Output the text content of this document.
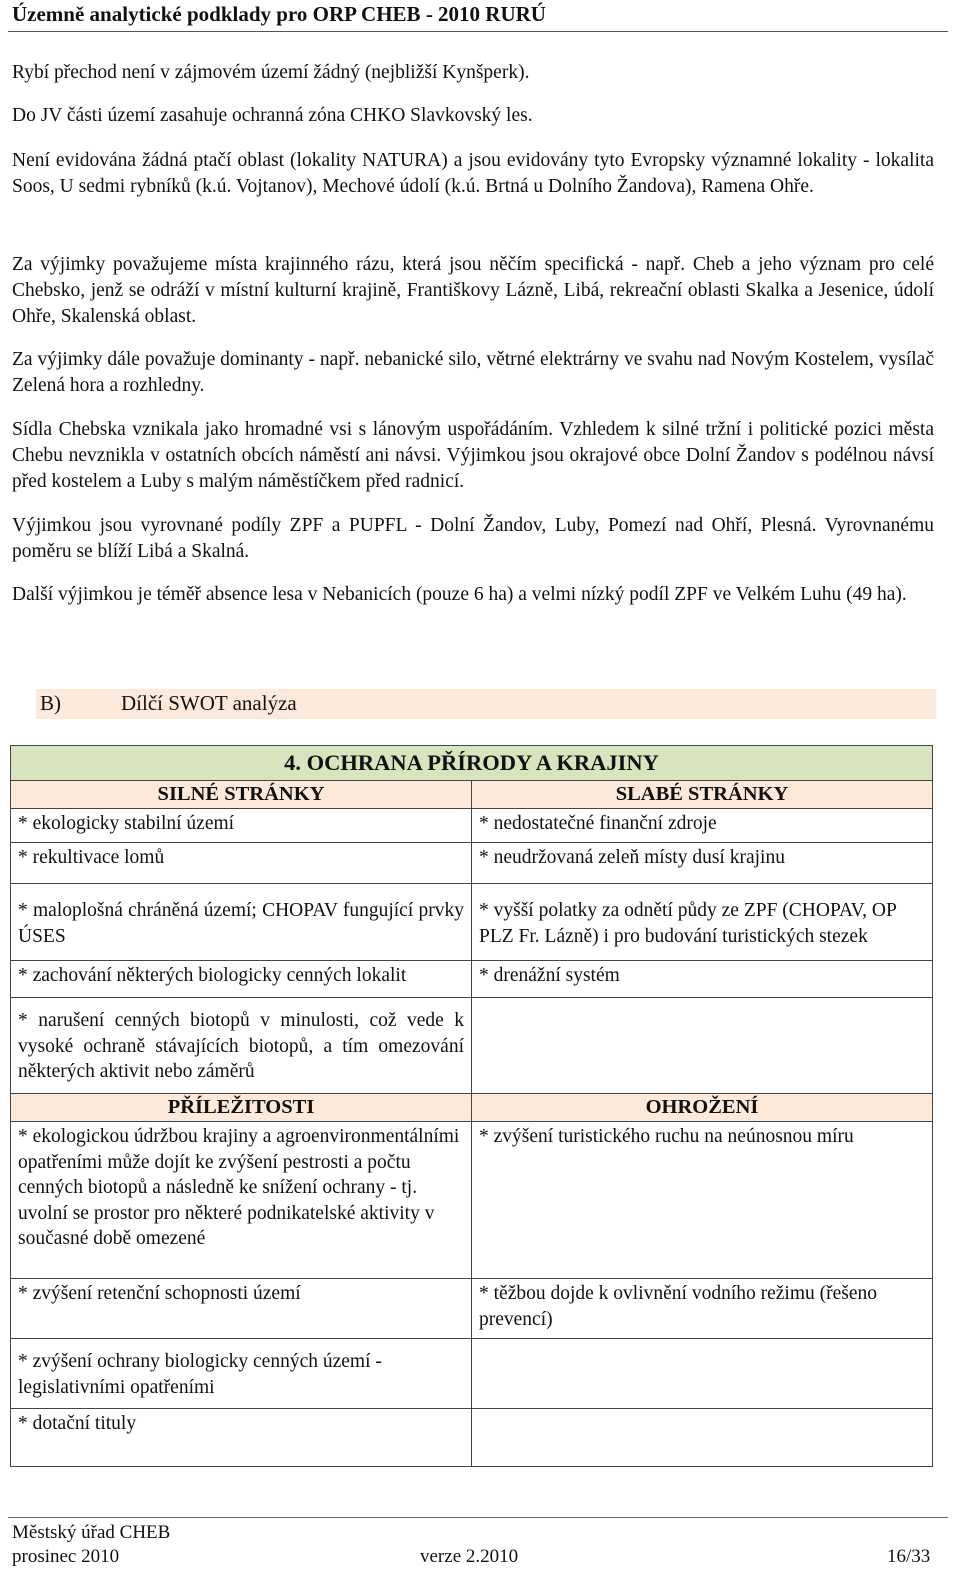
Územně analytické podklady pro ORP CHEB - 2010 RURÚ

Rybí přechod není v zájmovém území žádný (nejbližší Kynšperk).

Do JV části území zasahuje ochranná zóna CHKO Slavkovský les.

Není evidována žádná ptačí oblast (lokality NATURA) a jsou evidovány tyto Evropsky významné lokality - lokalita Soos, U sedmi rybníků (k.ú. Vojtanov), Mechové údolí (k.ú. Brtná u Dolního Žandova), Ramena Ohře.

Za výjimky považujeme místa krajinného rázu, která jsou něčím specifická - např. Cheb a jeho význam pro celé Chebsko, jenž se odráží v místní kulturní krajině, Františkovy Lázně, Libá, rekreační oblasti Skalka a Jesenice, údolí Ohře, Skalenská oblast.

Za výjimky dále považuje dominanty - např. nebanické silo, větrné elektrárny ve svahu nad Novým Kostelem, vysílač Zelená hora a rozhledny.

Sídla Chebska vznikala jako hromadné vsi s lánovým uspořádáním. Vzhledem k silné tržní i politické pozici města Chebu nevznikla v ostatních obcích náměstí ani návsi. Výjimkou jsou okrajové obce Dolní Žandov s podélnou návsí před kostelem a Luby s malým náměstíčkem před radnicí.

Výjimkou jsou vyrovnané podíly ZPF a PUPFL - Dolní Žandov, Luby, Pomezí nad Ohří, Plesná. Vyrovnanému poměru se blíží Libá a Skalná.

Další výjimkou je téměř absence lesa v Nebanicích (pouze 6 ha) a velmi nízký podíl ZPF ve Velkém Luhu (49 ha).

B)	Dílčí SWOT analýza
4. OCHRANA PŘÍRODY A KRAJINY	
SILNÉ STRÁNKY	SLABÉ STRÁNKY
* ekologicky stabilní území	* nedostatečné finanční zdroje
* rekultivace lomů	* neudržovaná zeleň místy dusí krajinu
* maloplošná chráněná území; CHOPAV fungující prvky ÚSES	* vyšší polatky za odnětí půdy ze ZPF (CHOPAV, OP PLZ Fr. Lázně) i pro budování turistických stezek
* zachování některých biologicky cenných lokalit	* drenážní systém
* narušení cenných biotopů v minulosti, což vede k vysoké ochraně stávajících biotopů, a tím omezování některých aktivit nebo záměrů	
PŘÍLEŽITOSTI	OHROŽENÍ
* ekologickou údržbou krajiny a agroenvironmentálními opatřeními může dojít ke zvýšení pestrosti a počtu cenných biotopů a následně ke snížení ochrany - tj. uvolní se prostor pro některé podnikatelské aktivity v současné době omezené	* zvýšení turistického ruchu na neúnosnou míru
* zvýšení retenční schopnosti území	* těžbou dojde k ovlivnění vodního režimu (řešeno prevencí)
* zvýšení ochrany biologicky cenných území - legislativními opatřeními	
* dotační tituly	
Městský úřad CHEB
prosinec 2010	verze 2.2010	16/33
